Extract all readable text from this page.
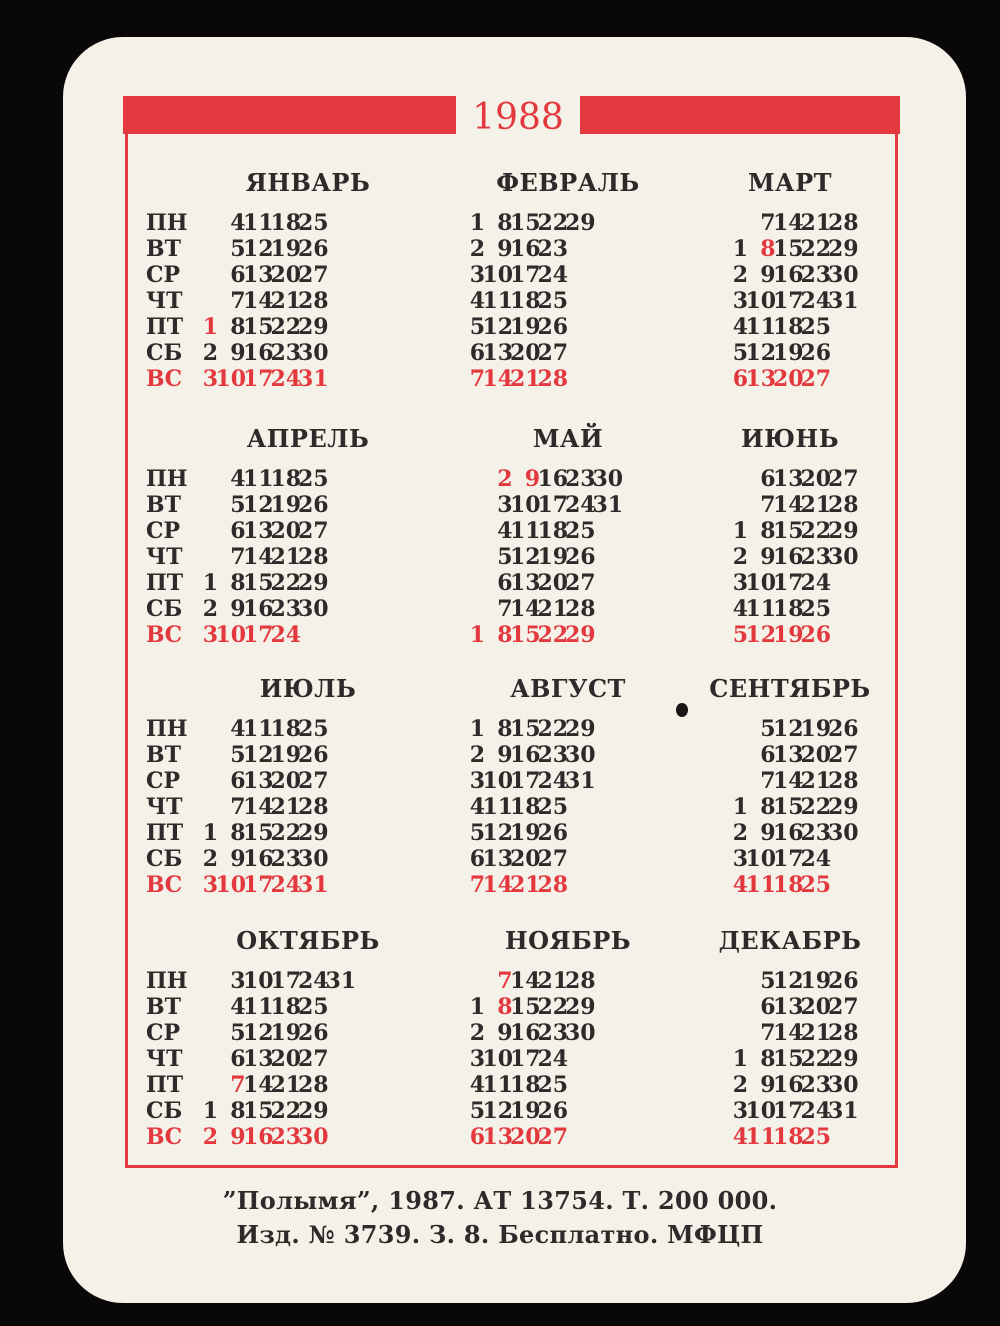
1988
ЯНВАРЬ
ПН
ВТ
СР
ЧТ
ПТ
СБ
ВС
1
2
3
4
5
6
7
8
9
10
11
12
13
14
15
16
17
18
19
20
21
22
23
24
25
26
27
28
29
30
31
ФЕВРАЛЬ
1
2
3
4
5
6
7
8
9
10
11
12
13
14
15
16
17
18
19
20
21
22
23
24
25
26
27
28
29
МАРТ
1
2
3
4
5
6
7
8
9
10
11
12
13
14
15
16
17
18
19
20
21
22
23
24
25
26
27
28
29
30
31
АПРЕЛЬ
ПН
ВТ
СР
ЧТ
ПТ
СБ
ВС
1
2
3
4
5
6
7
8
9
10
11
12
13
14
15
16
17
18
19
20
21
22
23
24
25
26
27
28
29
30
МАЙ
1
2
3
4
5
6
7
8
9
10
11
12
13
14
15
16
17
18
19
20
21
22
23
24
25
26
27
28
29
30
31
ИЮНЬ
1
2
3
4
5
6
7
8
9
10
11
12
13
14
15
16
17
18
19
20
21
22
23
24
25
26
27
28
29
30
ИЮЛЬ
ПН
ВТ
СР
ЧТ
ПТ
СБ
ВС
1
2
3
4
5
6
7
8
9
10
11
12
13
14
15
16
17
18
19
20
21
22
23
24
25
26
27
28
29
30
31
АВГУСТ
1
2
3
4
5
6
7
8
9
10
11
12
13
14
15
16
17
18
19
20
21
22
23
24
25
26
27
28
29
30
31
СЕНТЯБРЬ
1
2
3
4
5
6
7
8
9
10
11
12
13
14
15
16
17
18
19
20
21
22
23
24
25
26
27
28
29
30
ОКТЯБРЬ
ПН
ВТ
СР
ЧТ
ПТ
СБ
ВС
1
2
3
4
5
6
7
8
9
10
11
12
13
14
15
16
17
18
19
20
21
22
23
24
25
26
27
28
29
30
31
НОЯБРЬ
1
2
3
4
5
6
7
8
9
10
11
12
13
14
15
16
17
18
19
20
21
22
23
24
25
26
27
28
29
30
ДЕКАБРЬ
1
2
3
4
5
6
7
8
9
10
11
12
13
14
15
16
17
18
19
20
21
22
23
24
25
26
27
28
29
30
31
”Полымя”, 1987. АТ 13754. Т. 200 000.
Изд. № 3739. З. 8. Бесплатно. МФЦП
